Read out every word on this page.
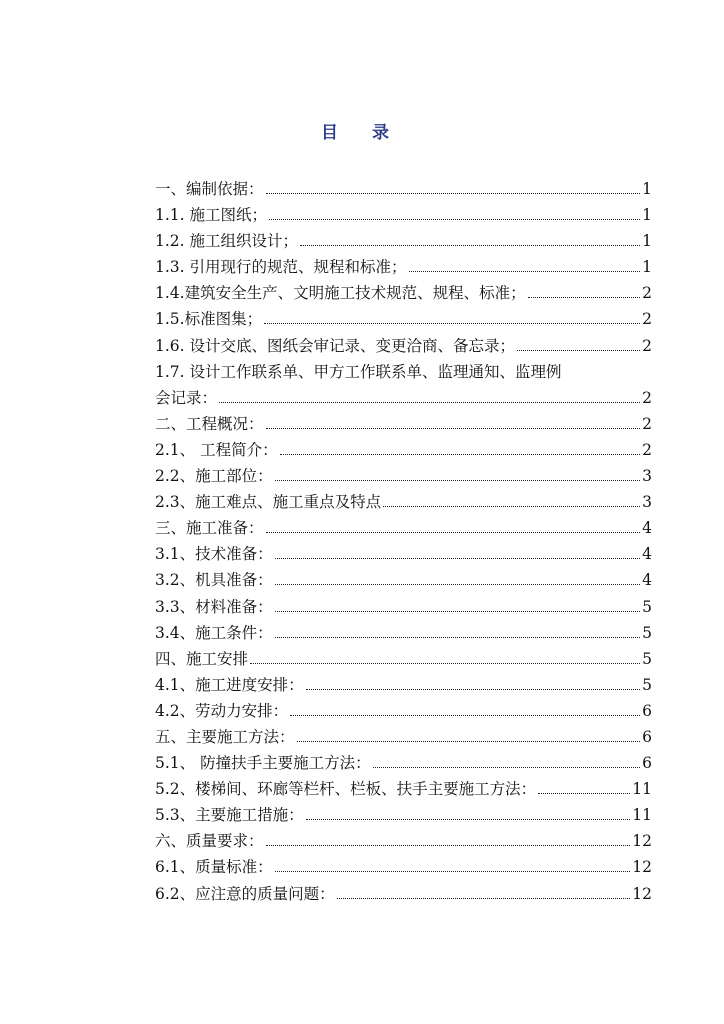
目 录
一、编制依据：	1
1.1. 施工图纸；	1
1.2. 施工组织设计；	1
1.3. 引用现行的规范、规程和标准；	1
1.4.建筑安全生产、文明施工技术规范、规程、标准；	2
1.5.标准图集；	2
1.6. 设计交底、图纸会审记录、变更洽商、备忘录；	2
1.7. 设计工作联系单、甲方工作联系单、监理通知、监理例
会记录：	2
二、工程概况：	2
2.1、 工程简介：	2
2.2、施工部位：	3
2.3、施工难点、施工重点及特点	3
三、施工准备：	4
3.1、技术准备：	4
3.2、机具准备：	4
3.3、材料准备：	5
3.4、施工条件：	5
四、施工安排	5
4.1、施工进度安排：	5
4.2、劳动力安排：	6
五、主要施工方法：	6
5.1、 防撞扶手主要施工方法：	6
5.2、楼梯间、环廊等栏杆、栏板、扶手主要施工方法：	11
5.3、主要施工措施：	11
六、质量要求：	12
6.1、质量标准：	12
6.2、应注意的质量问题：	12
